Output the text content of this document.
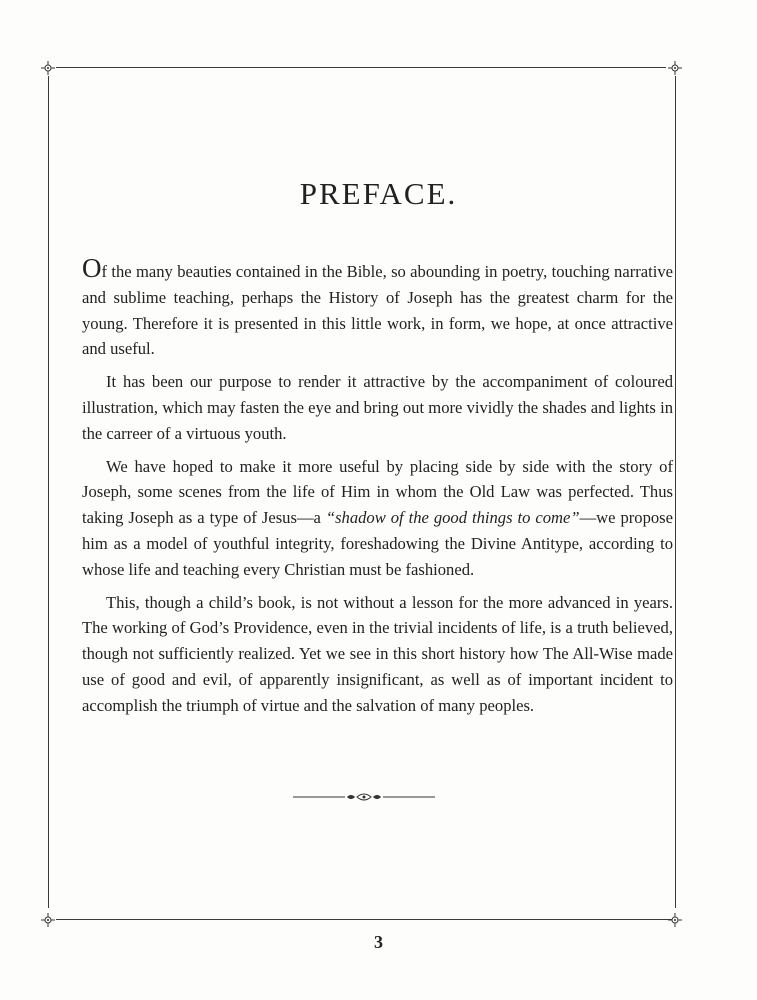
PREFACE.

Of the many beauties contained in the Bible, so abounding in poetry, touching narrative and sublime teaching, perhaps the History of Joseph has the greatest charm for the young. Therefore it is presented in this little work, in form, we hope, at once attractive and useful.

It has been our purpose to render it attractive by the accompaniment of coloured illustration, which may fasten the eye and bring out more vividly the shades and lights in the carreer of a virtuous youth.

We have hoped to make it more useful by placing side by side with the story of Joseph, some scenes from the life of Him in whom the Old Law was perfected. Thus taking Joseph as a type of Jesus—a “shadow of the good things to come”—we propose him as a model of youthful integrity, foreshadowing the Divine Antitype, according to whose life and teaching every Christian must be fashioned.

This, though a child’s book, is not without a lesson for the more advanced in years. The working of God’s Providence, even in the trivial incidents of life, is a truth believed, though not sufficiently realized. Yet we see in this short history how The All-Wise made use of good and evil, of apparently insignificant, as well as of important incident to accomplish the triumph of virtue and the salvation of many peoples.

3
